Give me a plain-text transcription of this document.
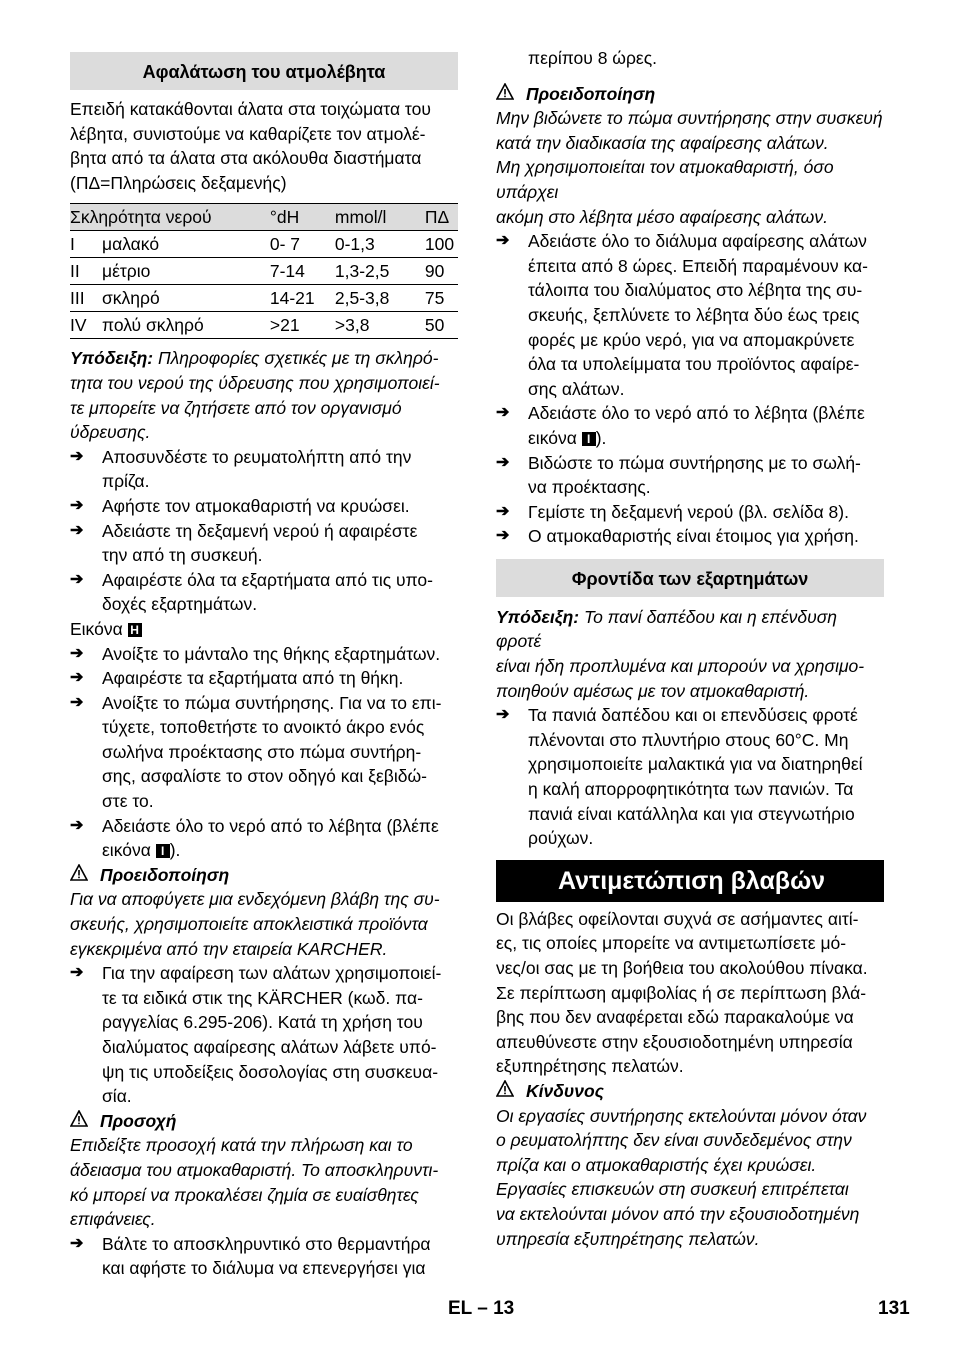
Αφαλάτωση του ατμολέβητα
Επειδή κατακάθονται άλατα στα τοιχώματα του
λέβητα, συνιστούμε να καθαρίζετε τον ατμολέ-
βητα από τα άλατα στα ακόλουθα διαστήματα
(ΠΔ=Πληρώσεις δεξαμενής)
Σκληρότητα νερού		°dH	mmol/l	ΠΔ
I	μαλακό	0- 7	0-1,3	100
II	μέτριο	7-14	1,3-2,5	90
III	σκληρό	14-21	2,5-3,8	75
IV	πολύ σκληρό	>21	>3,8	50
Υπόδειξη: Πληροφορίες σχετικές με τη σκληρό-
τητα του νερού της ύδρευσης που χρησιμοποιεί-
τε μπορείτε να ζητήσετε από τον οργανισμό
ύδρευσης.
➔	Αποσυνδέστε το ρευματολήπτη από την
πρίζα.
➔	Αφήστε τον ατμοκαθαριστή να κρυώσει.
➔	Αδειάστε τη δεξαμενή νερού ή αφαιρέστε
την από τη συσκευή.
➔	Αφαιρέστε όλα τα εξαρτήματα από τις υπο-
δοχές εξαρτημάτων.
Εικόνα H
➔	Ανοίξτε το μάνταλο της θήκης εξαρτημάτων.
➔	Αφαιρέστε τα εξαρτήματα από τη θήκη.
➔	Ανοίξτε το πώμα συντήρησης. Για να το επι-
τύχετε, τοποθετήστε το ανοικτό άκρο ενός
σωλήνα προέκτασης στο πώμα συντήρη-
σης, ασφαλίστε το στον οδηγό και ξεβιδώ-
στε το.
➔	Αδειάστε όλο το νερό από το λέβητα (βλέπε
εικόνα I ).
Προειδοποίηση
Για να αποφύγετε μια ενδεχόμενη βλάβη της συ-
σκευής, χρησιμοποιείτε αποκλειστικά προϊόντα
εγκεκριμένα από την εταιρεία KARCHER.
➔	Για την αφαίρεση των αλάτων χρησιμοποιεί-
τε τα ειδικά στικ της KÄRCHER (κωδ. πα-
ραγγελίας 6.295-206). Κατά τη χρήση του
διαλύματος αφαίρεσης αλάτων λάβετε υπό-
ψη τις υποδείξεις δοσολογίας στη συσκευα-
σία.
Προσοχή
Επιδείξτε προσοχή κατά την πλήρωση και το
άδειασμα του ατμοκαθαριστή. Το αποσκληρυντι-
κό μπορεί να προκαλέσει ζημία σε ευαίσθητες
επιφάνειες.
➔	Βάλτε το αποσκληρυντικό στο θερμαντήρα
και αφήστε το διάλυμα να επενεργήσει για
περίπου 8 ώρες.
Προειδοποίηση
Μην βιδώνετε το πώμα συντήρησης στην συσκευή
κατά την διαδικασία της αφαίρεσης αλάτων.
Μη χρησιμοποιείται τον ατμοκαθαριστή, όσο υπάρχει
ακόμη στο λέβητα μέσο αφαίρεσης αλάτων.
➔	Αδειάστε όλο το διάλυμα αφαίρεσης αλάτων
έπειτα από 8 ώρες. Επειδή παραμένουν κα-
τάλοιπα του διαλύματος στο λέβητα της συ-
σκευής, ξεπλύνετε το λέβητα δύο έως τρεις
φορές με κρύο νερό, για να απομακρύνετε
όλα τα υπολείμματα του προϊόντος αφαίρε-
σης αλάτων.
➔	Αδειάστε όλο το νερό από το λέβητα (βλέπε
εικόνα I ).
➔	Βιδώστε το πώμα συντήρησης με το σωλή-
να προέκτασης.
➔	Γεμίστε τη δεξαμενή νερού (βλ. σελίδα 8).
➔	Ο ατμοκαθαριστής είναι έτοιμος για χρήση.
Φροντίδα των εξαρτημάτων
Υπόδειξη: Το πανί δαπέδου και η επένδυση φροτέ
είναι ήδη προπλυμένα και μπορούν να χρησιμο-
ποιηθούν αμέσως με τον ατμοκαθαριστή.
➔	Τα πανιά δαπέδου και οι επενδύσεις φροτέ
πλένονται στο πλυντήριο στους 60°C. Μη
χρησιμοποιείτε μαλακτικά για να διατηρηθεί
η καλή απορροφητικότητα των πανιών. Τα
πανιά είναι κατάλληλα και για στεγνωτήριο
ρούχων.
Αντιμετώπιση βλαβών
Οι βλάβες οφείλονται συχνά σε ασήμαντες αιτί-
ες, τις οποίες μπορείτε να αντιμετωπίσετε μό-
νες/οι σας με τη βοήθεια του ακολούθου πίνακα.
Σε περίπτωση αμφιβολίας ή σε περίπτωση βλά-
βης που δεν αναφέρεται εδώ παρακαλούμε να
απευθύνεστε στην εξουσιοδοτημένη υπηρεσία
εξυπηρέτησης πελατών.
Κίνδυνος
Οι εργασίες συντήρησης εκτελούνται μόνον όταν
ο ρευματολήπτης δεν είναι συνδεδεμένος στην
πρίζα και ο ατμοκαθαριστής έχει κρυώσει.
Εργασίες επισκευών στη συσκευή επιτρέπεται
να εκτελούνται μόνον από την εξουσιοδοτημένη
υπηρεσία εξυπηρέτησης πελατών.
EL – 13	131
